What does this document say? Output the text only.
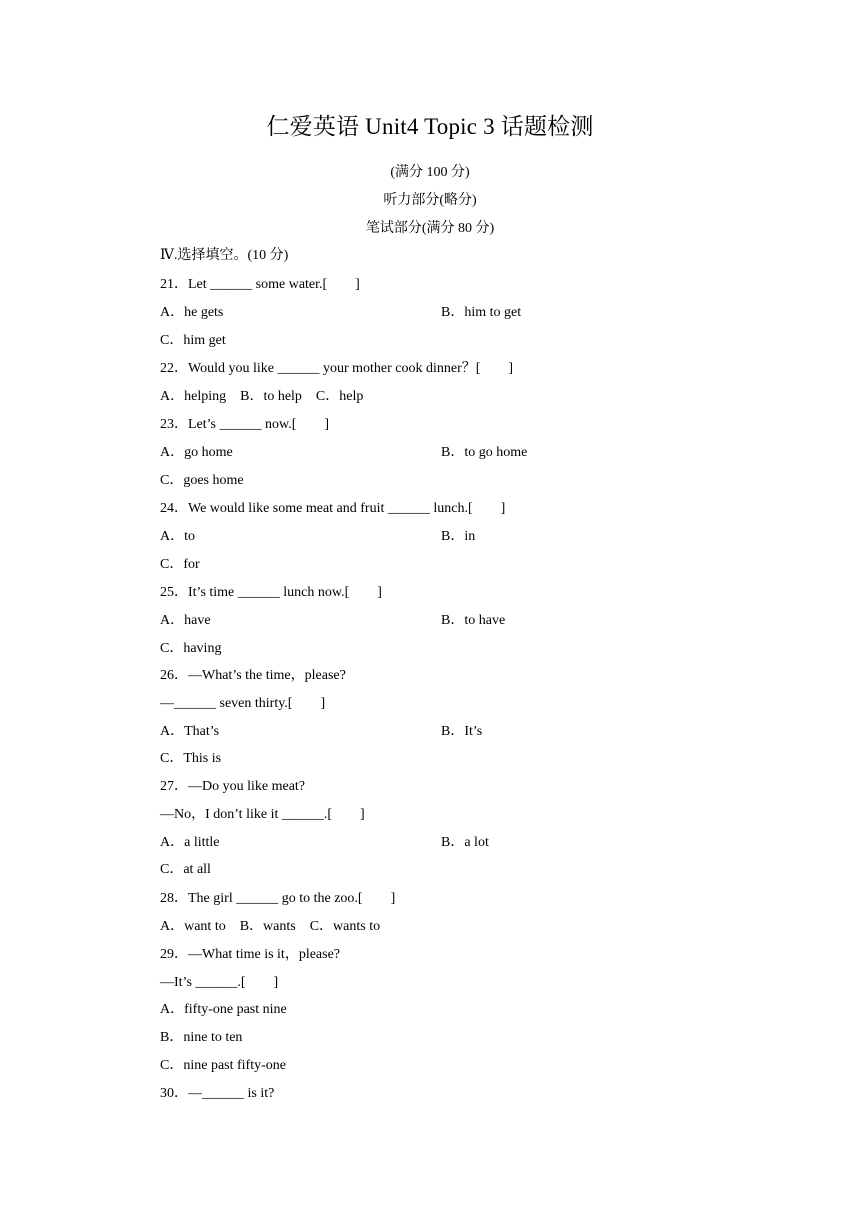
仁爱英语 Unit4 Topic 3 话题检测
(满分 100 分)
听力部分(略分)
笔试部分(满分 80 分)
Ⅳ.选择填空。(10 分)
21．Let ______ some water.[　　]
A．he gets	B．him to get
C．him get
22．Would you like ______ your mother cook dinner？[　　]
A．helping　B．to help　C．help
23．Let’s ______ now.[　　]
A．go home	B．to go home
C．goes home
24．We would like some meat and fruit ______ lunch.[　　]
A．to	B．in
C．for
25．It’s time ______ lunch now.[　　]
A．have	B．to have
C．having
26．—What’s the time，please?
—______ seven thirty.[　　]
A．That’s	B．It’s
C．This is
27．—Do you like meat?
—No，I don’t like it ______.[　　]
A．a little	B．a lot
C．at all
28．The girl ______ go to the zoo.[　　]
A．want to　B．wants　C．wants to
29．—What time is it，please?
—It’s ______.[　　]
A．fifty-one past nine
B．nine to ten
C．nine past fifty-one
30．—______ is it?
